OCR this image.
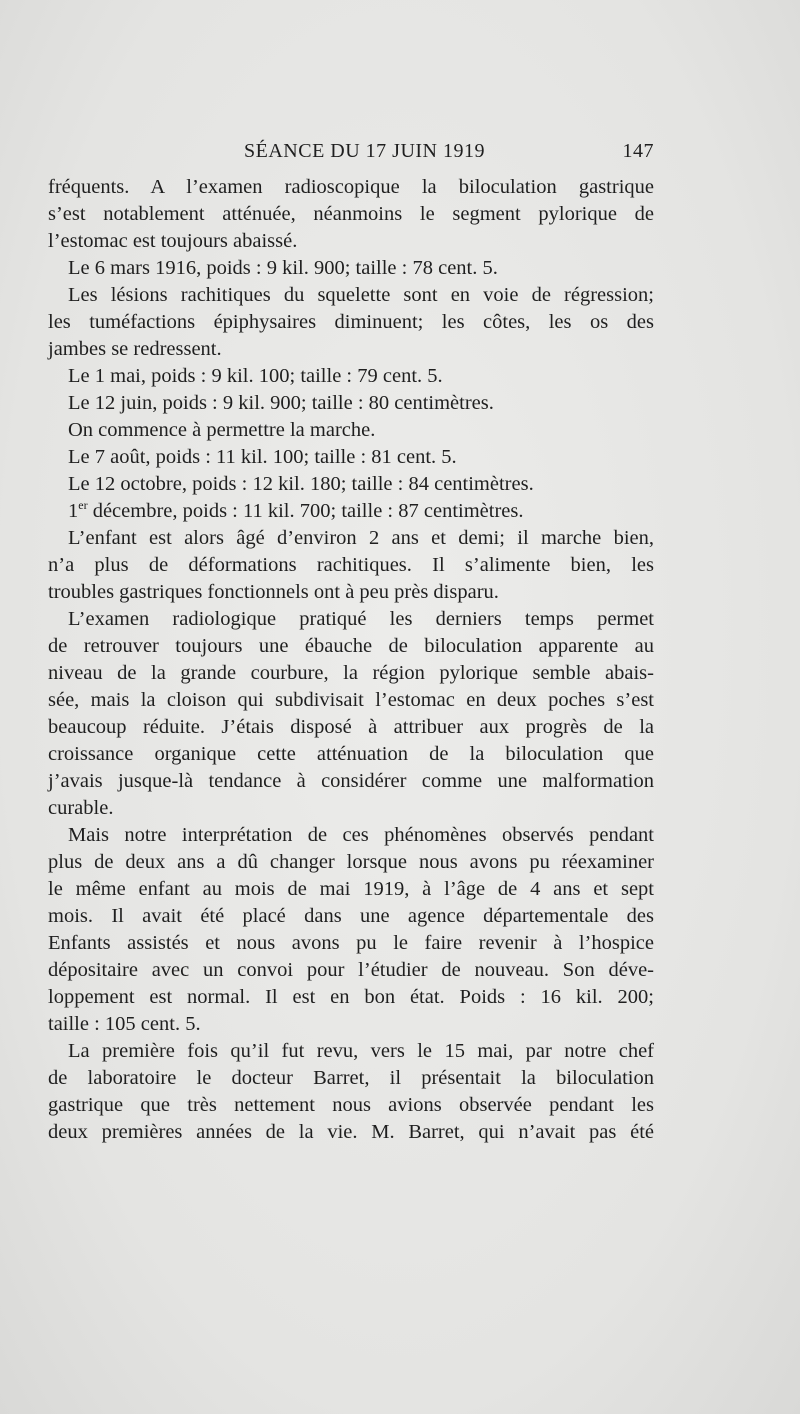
SÉANCE DU 17 JUIN 1919	147
fréquents. A l’examen radioscopique la biloculation gastrique
s’est notablement atténuée, néanmoins le segment pylorique de
l’estomac est toujours abaissé.
Le 6 mars 1916, poids : 9 kil. 900; taille : 78 cent. 5.
Les lésions rachitiques du squelette sont en voie de régression;
les tuméfactions épiphysaires diminuent; les côtes, les os des
jambes se redressent.
Le 1 mai, poids : 9 kil. 100; taille : 79 cent. 5.
Le 12 juin, poids : 9 kil. 900; taille : 80 centimètres.
On commence à permettre la marche.
Le 7 août, poids : 11 kil. 100; taille : 81 cent. 5.
Le 12 octobre, poids : 12 kil. 180; taille : 84 centimètres.
1er décembre, poids : 11 kil. 700; taille : 87 centimètres.
L’enfant est alors âgé d’environ 2 ans et demi; il marche bien,
n’a plus de déformations rachitiques. Il s’alimente bien, les
troubles gastriques fonctionnels ont à peu près disparu.
L’examen radiologique pratiqué les derniers temps permet
de retrouver toujours une ébauche de biloculation apparente au
niveau de la grande courbure, la région pylorique semble abais-
sée, mais la cloison qui subdivisait l’estomac en deux poches s’est
beaucoup réduite. J’étais disposé à attribuer aux progrès de la
croissance organique cette atténuation de la biloculation que
j’avais jusque-là tendance à considérer comme une malformation
curable.
Mais notre interprétation de ces phénomènes observés pendant
plus de deux ans a dû changer lorsque nous avons pu réexaminer
le même enfant au mois de mai 1919, à l’âge de 4 ans et sept
mois. Il avait été placé dans une agence départementale des
Enfants assistés et nous avons pu le faire revenir à l’hospice
dépositaire avec un convoi pour l’étudier de nouveau. Son déve-
loppement est normal. Il est en bon état. Poids : 16 kil. 200;
taille : 105 cent. 5.
La première fois qu’il fut revu, vers le 15 mai, par notre chef
de laboratoire le docteur Barret, il présentait la biloculation
gastrique que très nettement nous avions observée pendant les
deux premières années de la vie. M. Barret, qui n’avait pas été
